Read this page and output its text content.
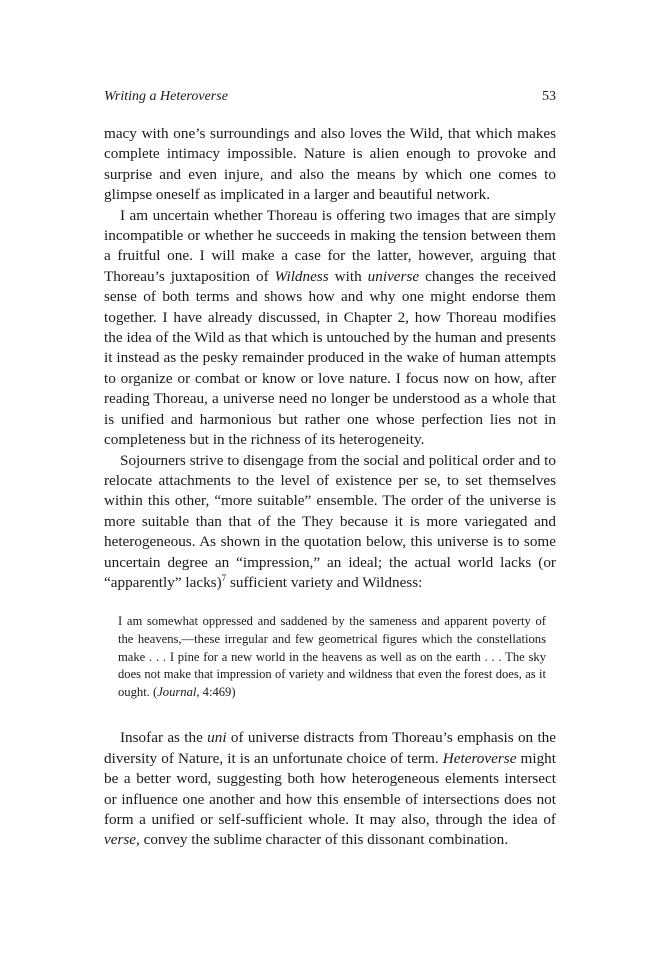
Writing a Heteroverse	53

macy with one’s surroundings and also loves the Wild, that which makes complete intimacy impossible. Nature is alien enough to provoke and surprise and even injure, and also the means by which one comes to glimpse oneself as implicated in a larger and beautiful network.

I am uncertain whether Thoreau is offering two images that are simply incompatible or whether he succeeds in making the tension between them a fruitful one. I will make a case for the latter, however, arguing that Thoreau’s juxtaposition of Wildness with universe changes the received sense of both terms and shows how and why one might endorse them together. I have already discussed, in Chapter 2, how Thoreau modifies the idea of the Wild as that which is untouched by the human and presents it instead as the pesky remainder produced in the wake of human attempts to organize or combat or know or love nature. I focus now on how, after reading Thoreau, a universe need no longer be understood as a whole that is unified and harmonious but rather one whose perfection lies not in completeness but in the richness of its heterogeneity.

Sojourners strive to disengage from the social and political order and to relocate attachments to the level of existence per se, to set themselves within this other, “more suitable” ensemble. The order of the universe is more suitable than that of the They because it is more variegated and heterogeneous. As shown in the quotation below, this universe is to some uncertain degree an “impression,” an ideal; the actual world lacks (or “apparently” lacks)$^7$ sufficient variety and Wildness:

I am somewhat oppressed and saddened by the sameness and apparent poverty of the heavens,—these irregular and few geometrical figures which the constellations make . . . I pine for a new world in the heavens as well as on the earth . . . The sky does not make that impression of variety and wildness that even the forest does, as it ought. (Journal, 4:469)

Insofar as the uni of universe distracts from Thoreau’s emphasis on the diversity of Nature, it is an unfortunate choice of term. Heteroverse might be a better word, suggesting both how heterogeneous elements intersect or influence one another and how this ensemble of intersections does not form a unified or self-sufficient whole. It may also, through the idea of verse, convey the sublime character of this dissonant combination.
